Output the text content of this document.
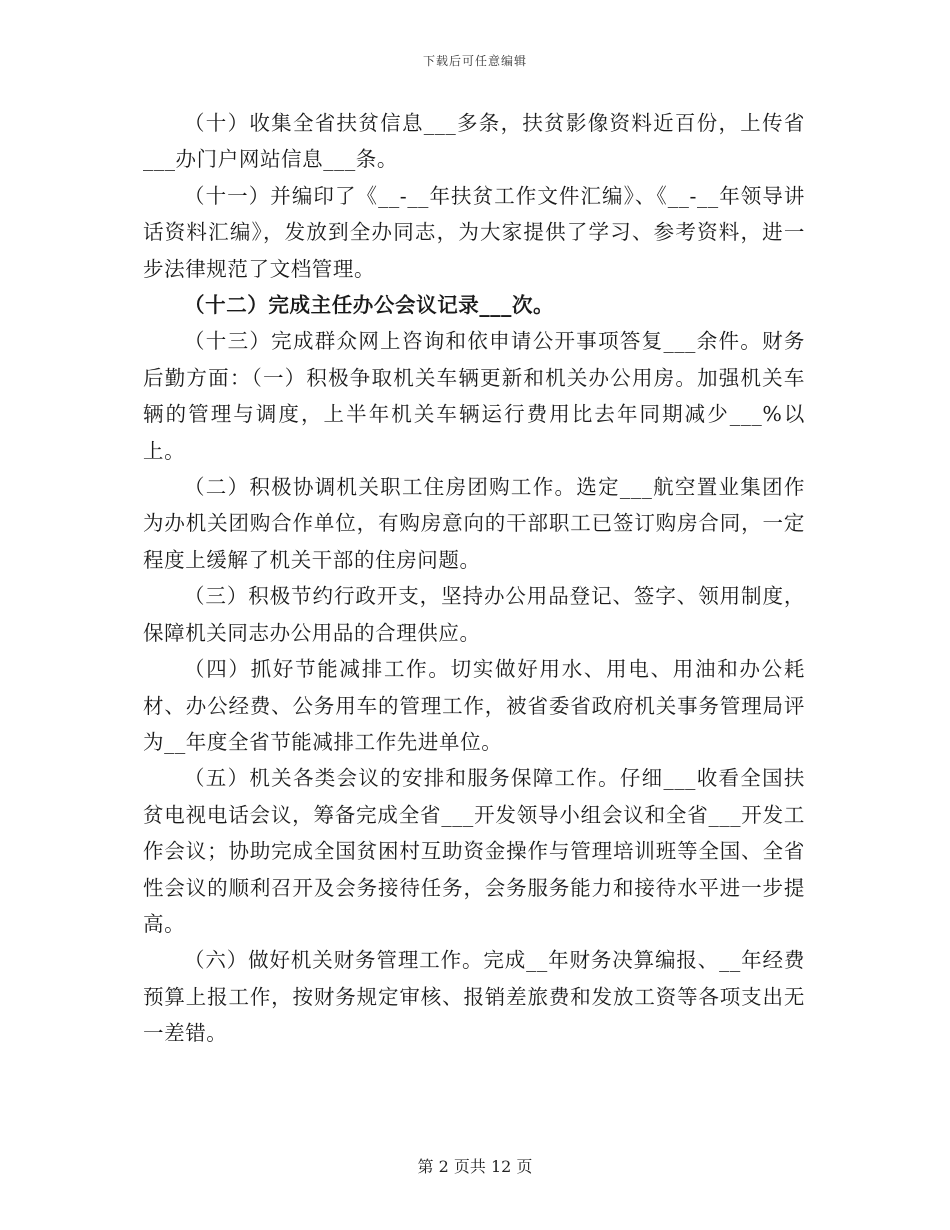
下载后可任意编辑

（十）收集全省扶贫信息___多条，扶贫影像资料近百份，上传省___办门户网站信息___条。

（十一）并编印了《__-__年扶贫工作文件汇编》、《__-__年领导讲话资料汇编》，发放到全办同志，为大家提供了学习、参考资料，进一步法律规范了文档管理。

（十二）完成主任办公会议记录___次。

（十三）完成群众网上咨询和依申请公开事项答复___余件。财务后勤方面：（一）积极争取机关车辆更新和机关办公用房。加强机关车辆的管理与调度，上半年机关车辆运行费用比去年同期减少___%以上。

（二）积极协调机关职工住房团购工作。选定___航空置业集团作为办机关团购合作单位，有购房意向的干部职工已签订购房合同，一定程度上缓解了机关干部的住房问题。

（三）积极节约行政开支，坚持办公用品登记、签字、领用制度，保障机关同志办公用品的合理供应。

（四）抓好节能减排工作。切实做好用水、用电、用油和办公耗材、办公经费、公务用车的管理工作，被省委省政府机关事务管理局评为__年度全省节能减排工作先进单位。

（五）机关各类会议的安排和服务保障工作。仔细___收看全国扶贫电视电话会议，筹备完成全省___开发领导小组会议和全省___开发工作会议；协助完成全国贫困村互助资金操作与管理培训班等全国、全省性会议的顺利召开及会务接待任务，会务服务能力和接待水平进一步提高。

（六）做好机关财务管理工作。完成__年财务决算编报、__年经费预算上报工作，按财务规定审核、报销差旅费和发放工资等各项支出无一差错。

第 2 页共 12 页
